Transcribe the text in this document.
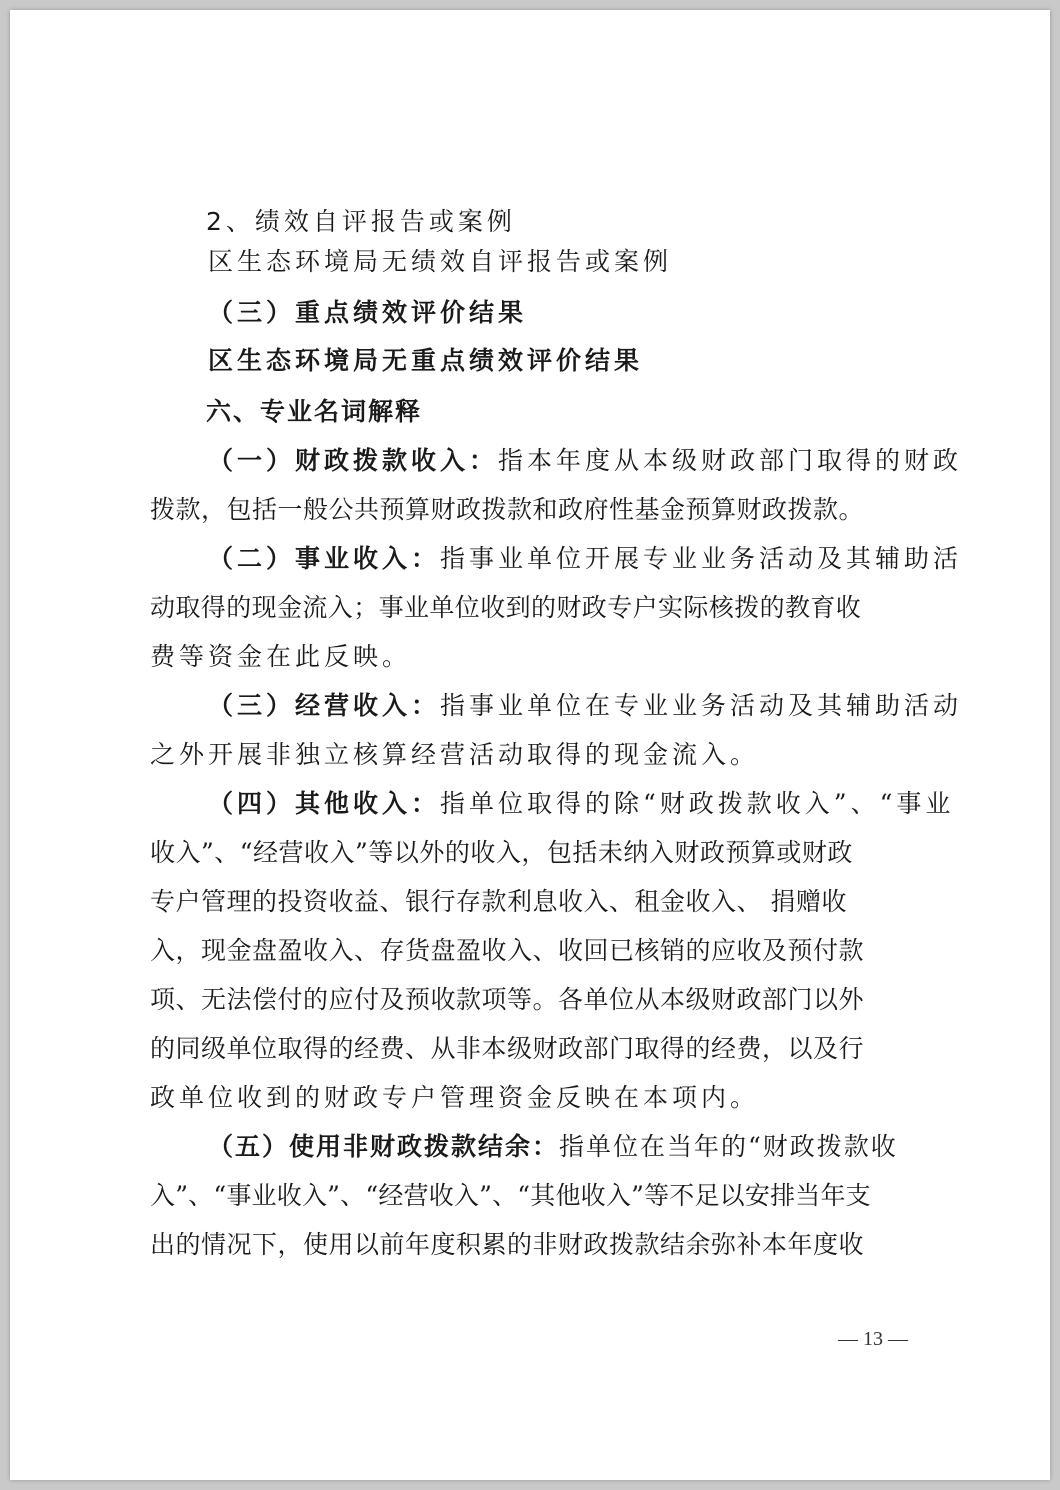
2、绩效自评报告或案例
区生态环境局无绩效自评报告或案例
（三）重点绩效评价结果
区生态环境局无重点绩效评价结果
六、专业名词解释
（一）财政拨款收入：指本年度从本级财政部门取得的财政
拨款，包括一般公共预算财政拨款和政府性基金预算财政拨款。
（二）事业收入：指事业单位开展专业业务活动及其辅助活
动取得的现金流入；事业单位收到的财政专户实际核拨的教育收
费等资金在此反映。
（三）经营收入：指事业单位在专业业务活动及其辅助活动
之外开展非独立核算经营活动取得的现金流入。
（四）其他收入：指单位取得的除“财政拨款收入”、“事业
收入”、“经营收入”等以外的收入，包括未纳入财政预算或财政
专户管理的投资收益、银行存款利息收入、租金收入、 捐赠收
入，现金盘盈收入、存货盘盈收入、收回已核销的应收及预付款
项、无法偿付的应付及预收款项等。各单位从本级财政部门以外
的同级单位取得的经费、从非本级财政部门取得的经费，以及行
政单位收到的财政专户管理资金反映在本项内。
（五）使用非财政拨款结余：指单位在当年的“财政拨款收
入”、“事业收入”、“经营收入”、“其他收入”等不足以安排当年支
出的情况下，使用以前年度积累的非财政拨款结余弥补本年度收
— 13 —
